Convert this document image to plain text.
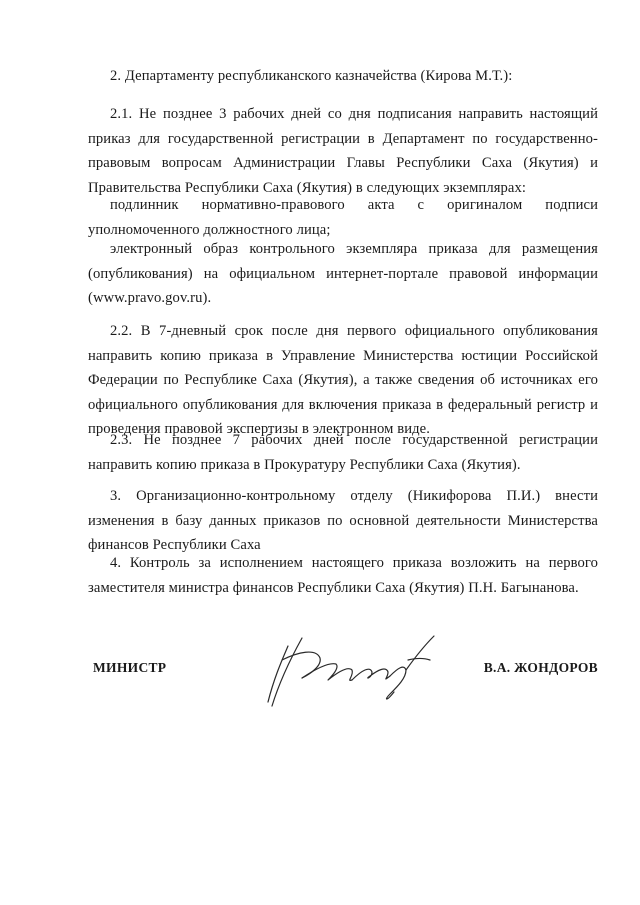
2. Департаменту республиканского казначейства (Кирова М.Т.):

2.1. Не позднее 3 рабочих дней со дня подписания направить настоящий приказ для государственной регистрации в Департамент по государственно-правовым вопросам Администрации Главы Республики Саха (Якутия) и Правительства Республики Саха (Якутия) в следующих экземплярах:

подлинник нормативно-правового акта с оригиналом подписи уполномоченного должностного лица;

электронный образ контрольного экземпляра приказа для размещения (опубликования) на официальном интернет-портале правовой информации (www.pravo.gov.ru).

2.2. В 7-дневный срок после дня первого официального опубликования направить копию приказа в Управление Министерства юстиции Российской Федерации по Республике Саха (Якутия), а также сведения об источниках его официального опубликования для включения приказа в федеральный регистр и проведения правовой экспертизы в электронном виде.

2.3. Не позднее 7 рабочих дней после государственной регистрации направить копию приказа в Прокуратуру Республики Саха (Якутия).

3. Организационно-контрольному отделу (Никифорова П.И.) внести изменения в базу данных приказов по основной деятельности Министерства финансов Республики Саха

4. Контроль за исполнением настоящего приказа возложить на первого заместителя министра финансов Республики Саха (Якутия) П.Н. Багынанова.

МИНИСТР	В.А. ЖОНДОРОВ
